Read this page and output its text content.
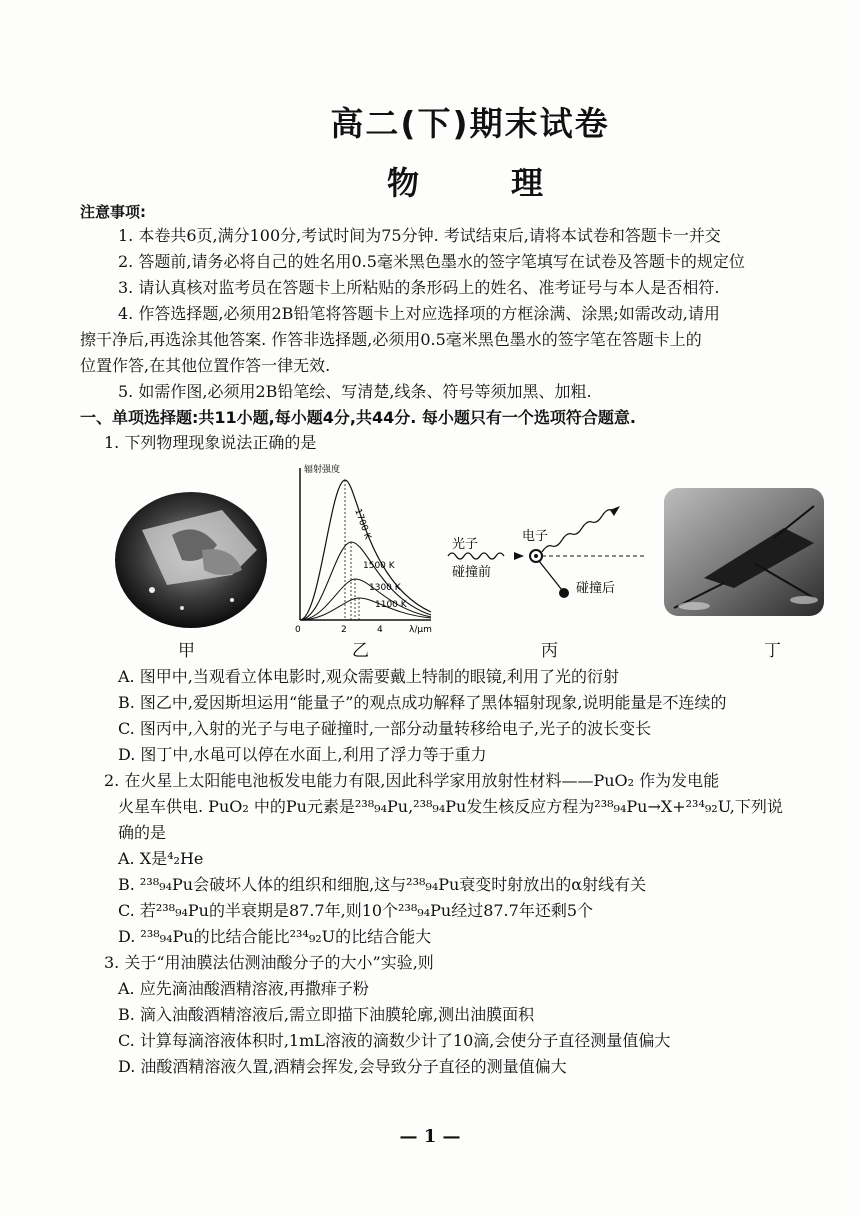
高二(下)期末试卷
物　理
注意事项:
1. 本卷共6页,满分100分,考试时间为75分钟. 考试结束后,请将本试卷和答题卡一并交
2. 答题前,请务必将自己的姓名用0.5毫米黑色墨水的签字笔填写在试卷及答题卡的规定位
3. 请认真核对监考员在答题卡上所粘贴的条形码上的姓名、准考证号与本人是否相符.
4. 作答选择题,必须用2B铅笔将答题卡上对应选择项的方框涂满、涂黑;如需改动,请用
擦干净后,再选涂其他答案. 作答非选择题,必须用0.5毫米黑色墨水的签字笔在答题卡上的
位置作答,在其他位置作答一律无效.
5. 如需作图,必须用2B铅笔绘、写清楚,线条、符号等须加黑、加粗.
一、单项选择题:共11小题,每小题4分,共44分. 每小题只有一个选项符合题意.
1. 下列物理现象说法正确的是
辐射强度
λ/μm
0	2	4
1700 K
1500 K
1300 K
1100 K
光子
碰撞前
电子
碰撞后
甲	乙	丙	丁
A. 图甲中,当观看立体电影时,观众需要戴上特制的眼镜,利用了光的衍射
B. 图乙中,爱因斯坦运用“能量子”的观点成功解释了黑体辐射现象,说明能量是不连续的
C. 图丙中,入射的光子与电子碰撞时,一部分动量转移给电子,光子的波长变长
D. 图丁中,水黾可以停在水面上,利用了浮力等于重力
2. 在火星上太阳能电池板发电能力有限,因此科学家用放射性材料——PuO₂ 作为发电能
火星车供电. PuO₂ 中的Pu元素是²³⁸₉₄Pu,²³⁸₉₄Pu发生核反应方程为²³⁸₉₄Pu→X+²³⁴₉₂U,下列说
确的是
A. X是⁴₂He
B. ²³⁸₉₄Pu会破坏人体的组织和细胞,这与²³⁸₉₄Pu衰变时射放出的α射线有关
C. 若²³⁸₉₄Pu的半衰期是87.7年,则10个²³⁸₉₄Pu经过87.7年还剩5个
D. ²³⁸₉₄Pu的比结合能比²³⁴₉₂U的比结合能大
3. 关于“用油膜法估测油酸分子的大小”实验,则
A. 应先滴油酸酒精溶液,再撒痱子粉
B. 滴入油酸酒精溶液后,需立即描下油膜轮廓,测出油膜面积
C. 计算每滴溶液体积时,1mL溶液的滴数少计了10滴,会使分子直径测量值偏大
D. 油酸酒精溶液久置,酒精会挥发,会导致分子直径的测量值偏大
— 1 —
